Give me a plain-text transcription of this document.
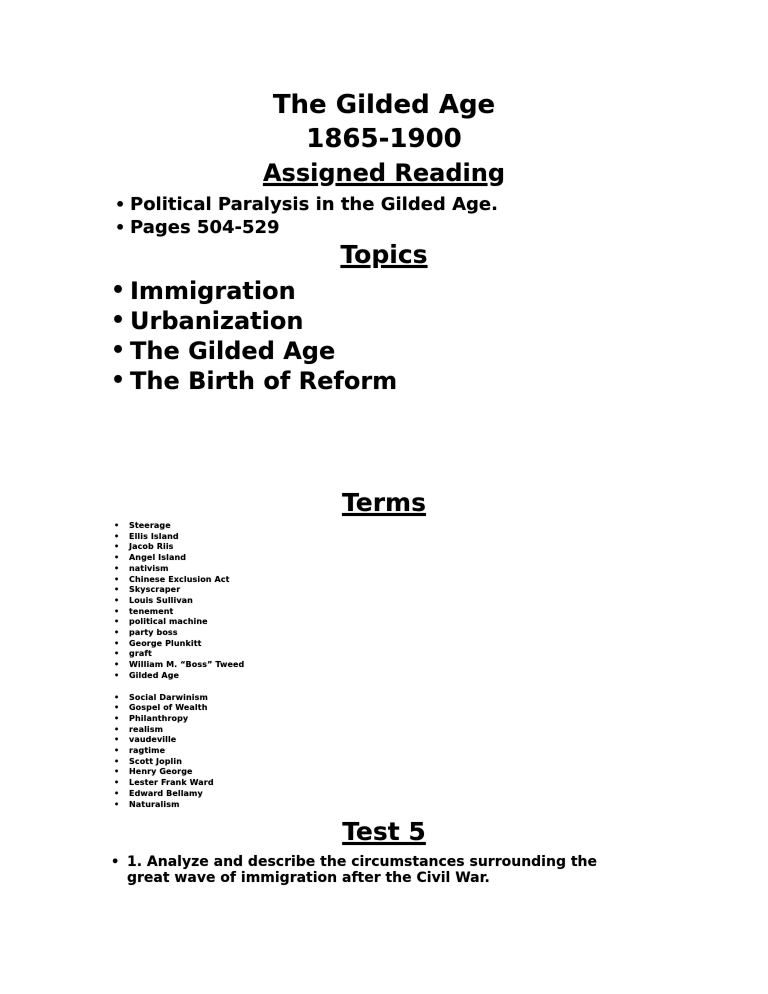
The Gilded Age
1865-1900
Assigned Reading
• Political Paralysis in the Gilded Age.
• Pages 504-529
Topics
• Immigration
• Urbanization
• The Gilded Age
• The Birth of Reform
Terms
• Steerage
• Ellis Island
• Jacob Riis
• Angel Island
• nativism
• Chinese Exclusion Act
• Skyscraper
• Louis Sullivan
• tenement
• political machine
• party boss
• George Plunkitt
• graft
• William M. “Boss” Tweed
• Gilded Age
• Social Darwinism
• Gospel of Wealth
• Philanthropy
• realism
• vaudeville
• ragtime
• Scott Joplin
• Henry George
• Lester Frank Ward
• Edward Bellamy
• Naturalism
Test 5
• 1. Analyze and describe the circumstances surrounding the great wave of immigration after the Civil War.
